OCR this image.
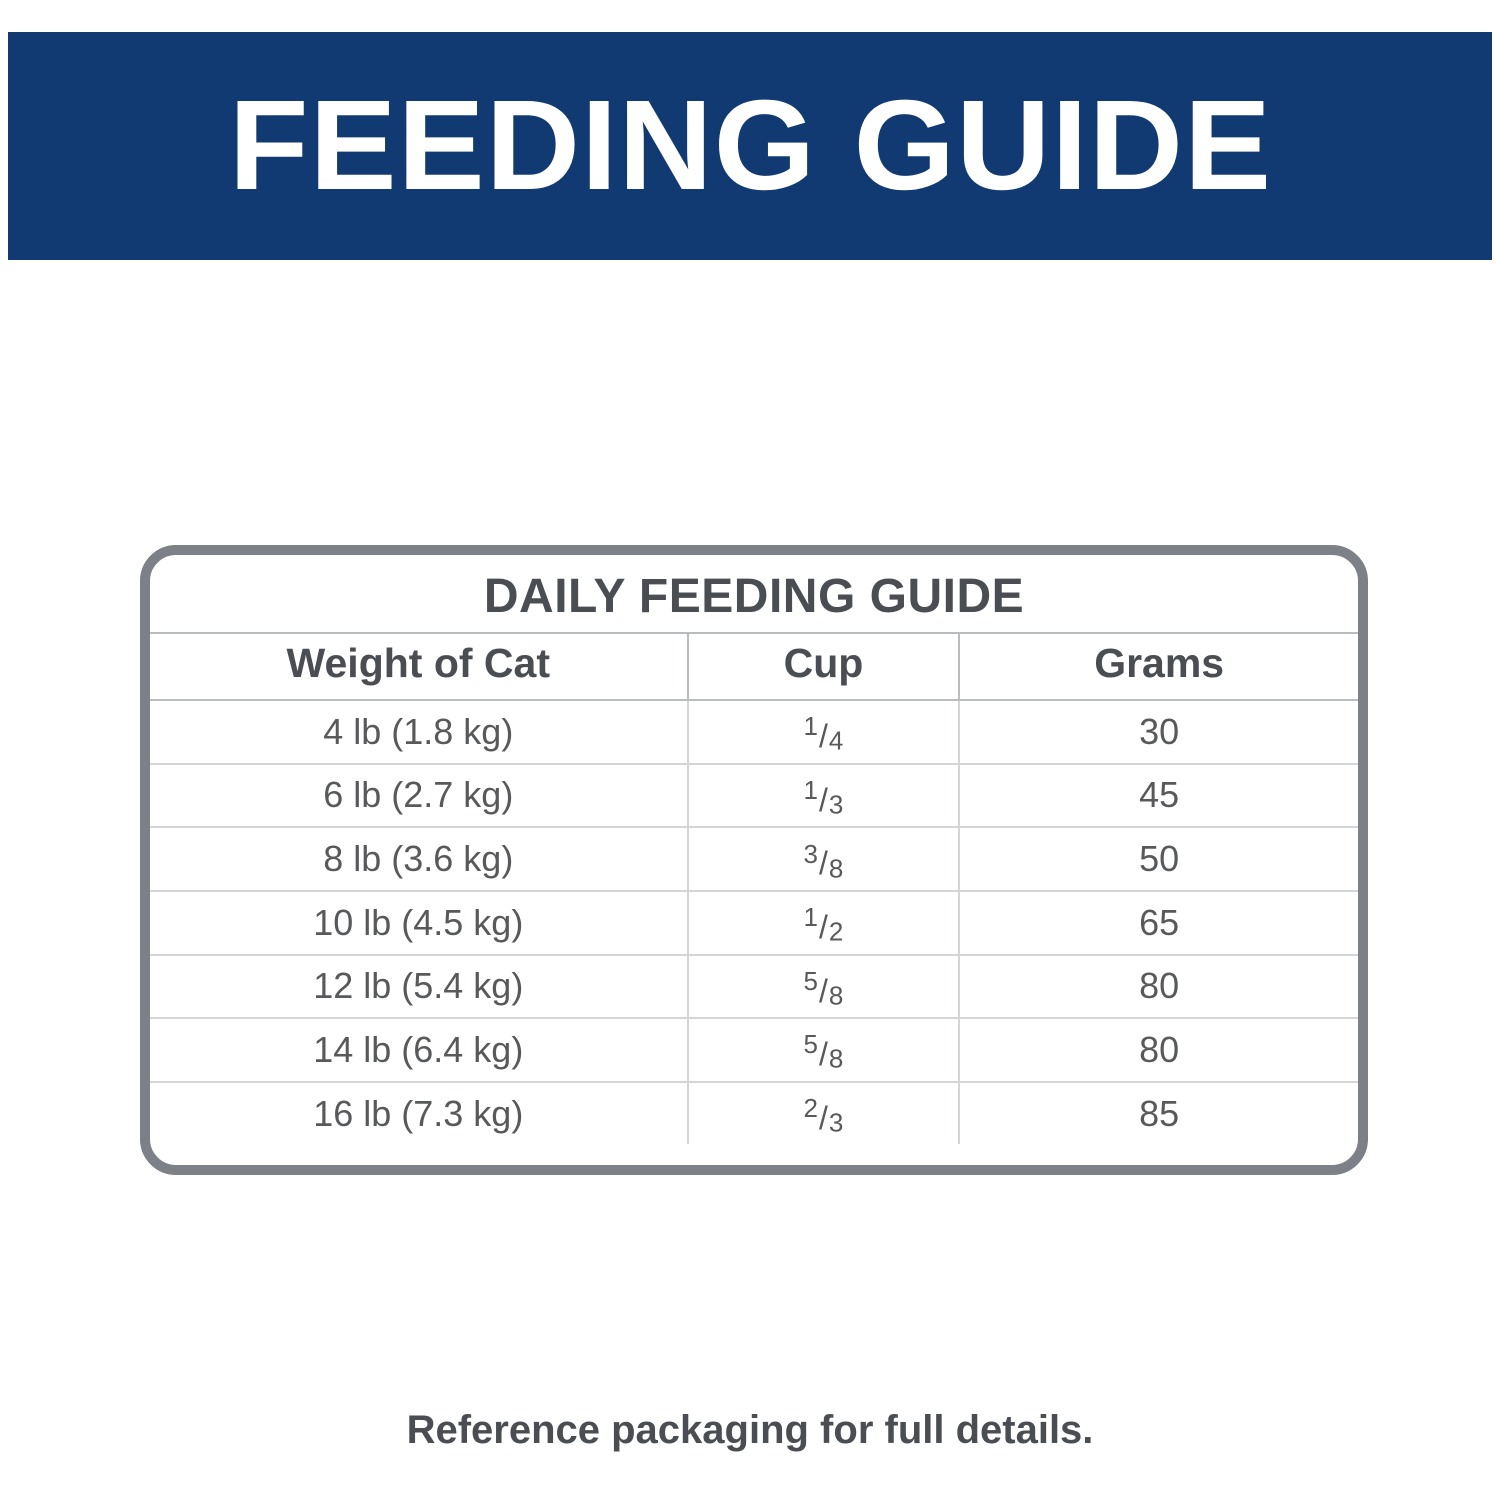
FEEDING GUIDE
DAILY FEEDING GUIDE
Weight of Cat	Cup	Grams
4 lb (1.8 kg)	$^1$/4	30
6 lb (2.7 kg)	$^1$/3	45
8 lb (3.6 kg)	$^3$/8	50
10 lb (4.5 kg)	$^1$/2	65
12 lb (5.4 kg)	$^5$/8	80
14 lb (6.4 kg)	$^5$/8	80
16 lb (7.3 kg)	$^2$/3	85
Reference packaging for full details.
